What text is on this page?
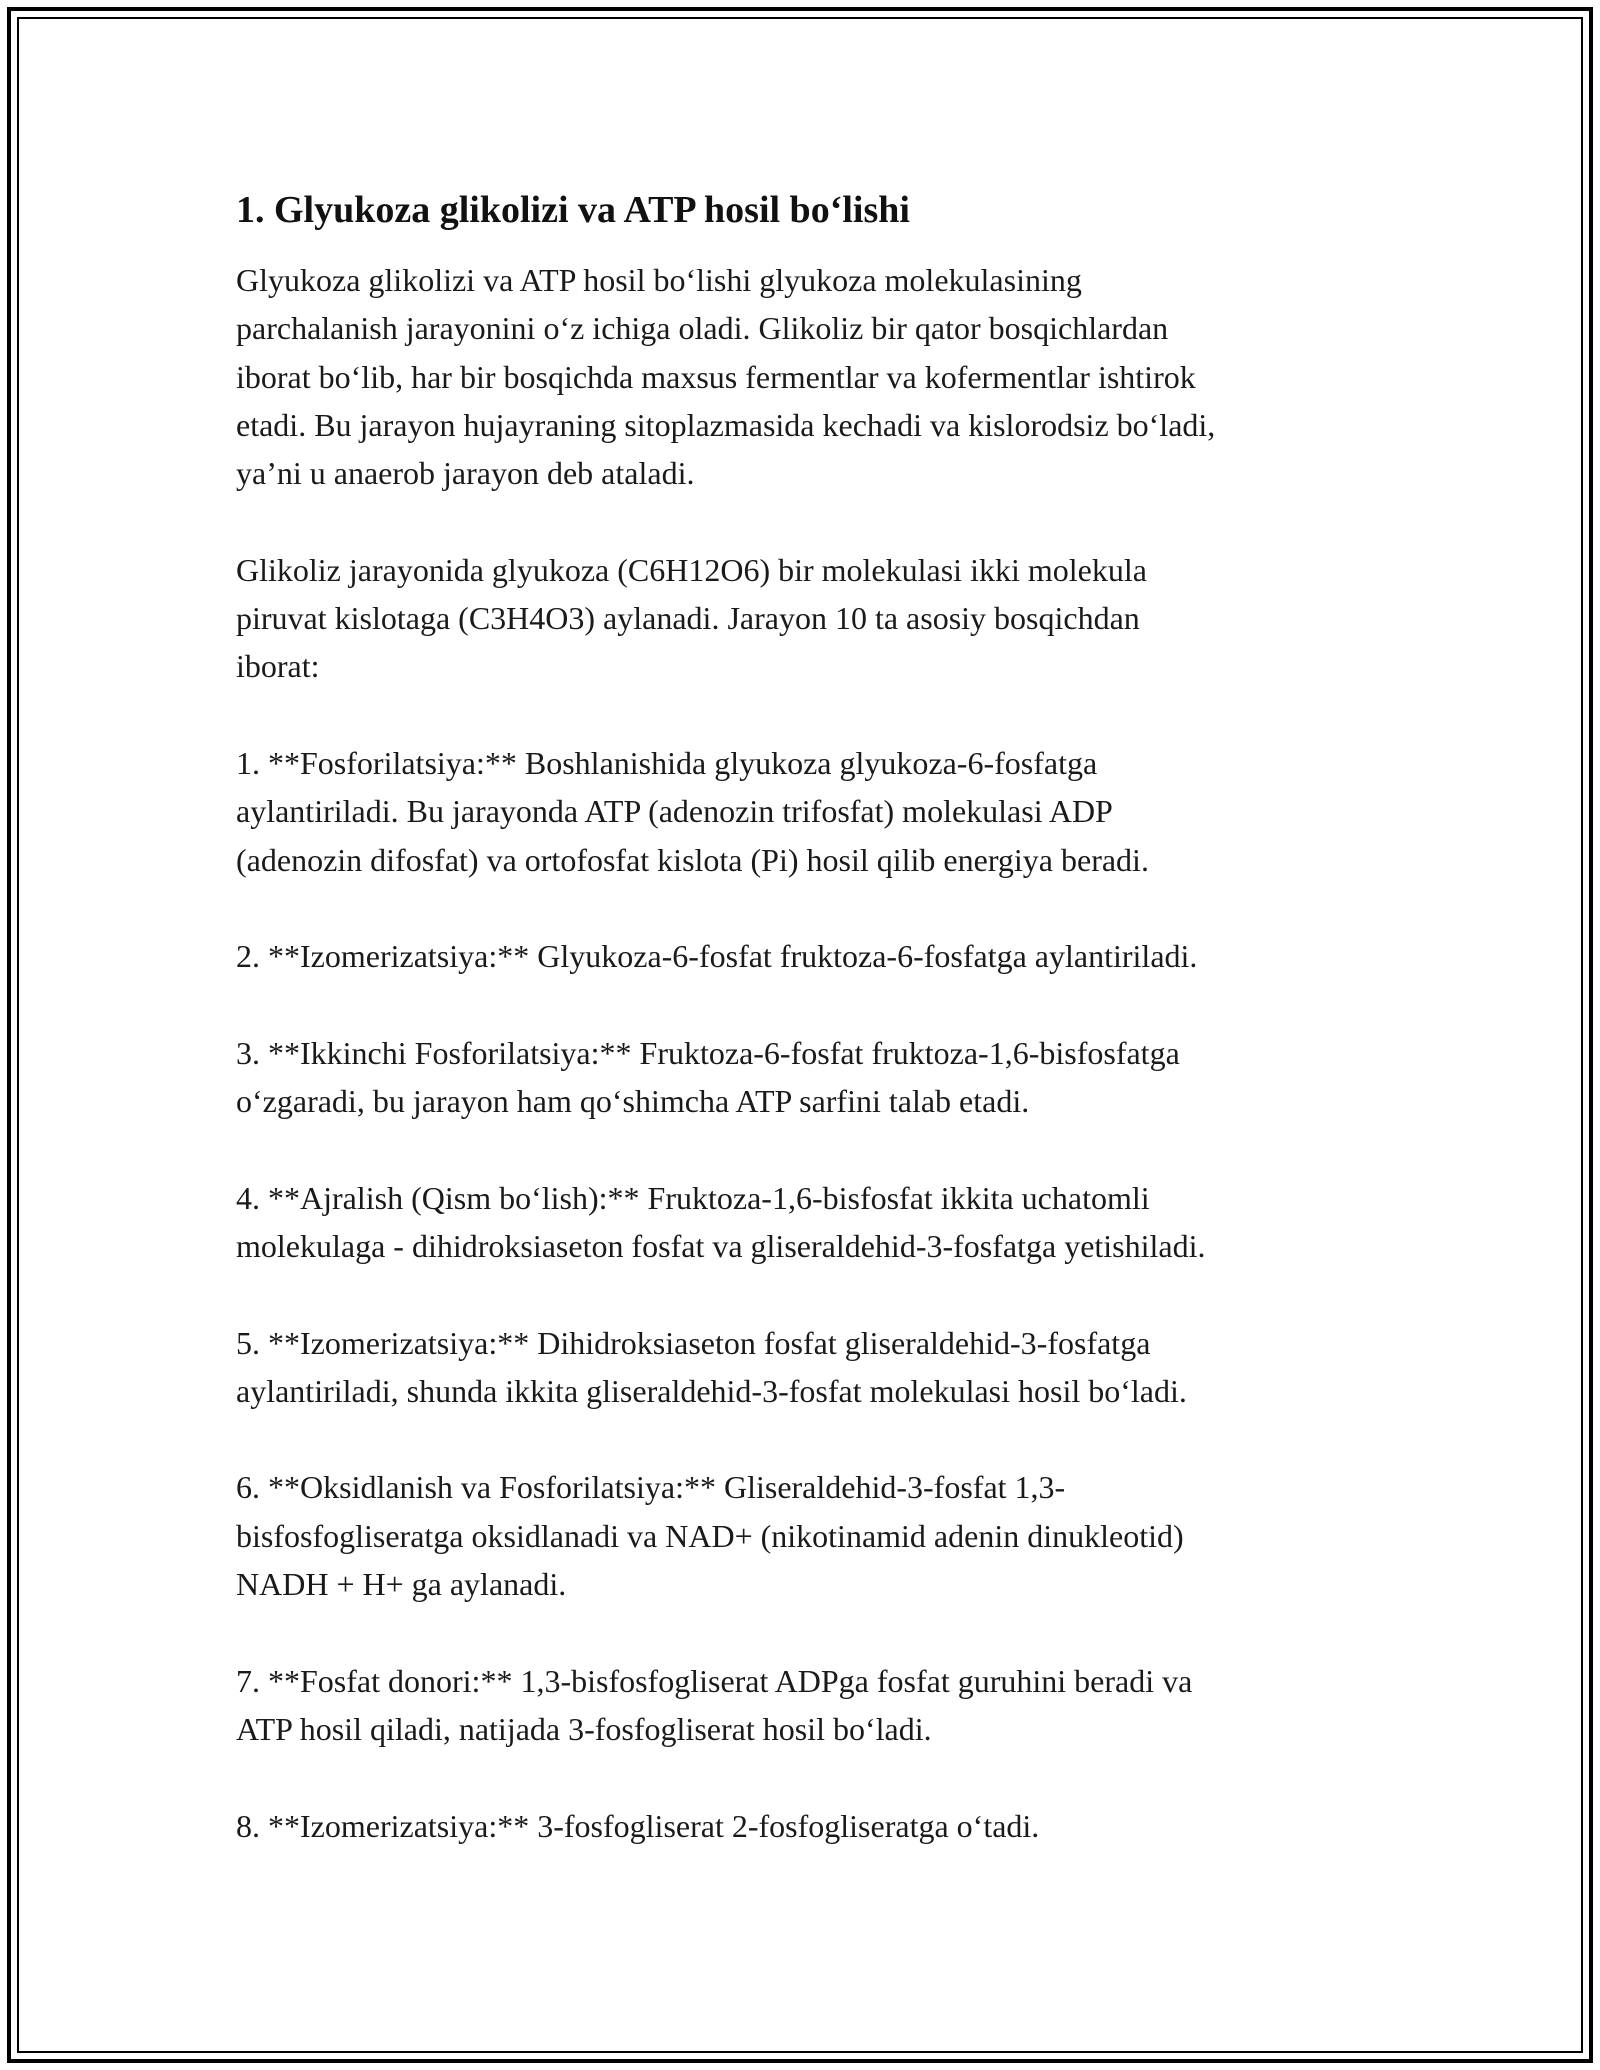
1. Glyukoza glikolizi va ATP hosil bo‘lishi

Glyukoza glikolizi va ATP hosil bo‘lishi glyukoza molekulasining
parchalanish jarayonini o‘z ichiga oladi. Glikoliz bir qator bosqichlardan
iborat bo‘lib, har bir bosqichda maxsus fermentlar va kofermentlar ishtirok
etadi. Bu jarayon hujayraning sitoplazmasida kechadi va kislorodsiz bo‘ladi,
ya’ni u anaerob jarayon deb ataladi.

Glikoliz jarayonida glyukoza (C6H12O6) bir molekulasi ikki molekula
piruvat kislotaga (C3H4O3) aylanadi. Jarayon 10 ta asosiy bosqichdan
iborat:

1. **Fosforilatsiya:** Boshlanishida glyukoza glyukoza-6-fosfatga
aylantiriladi. Bu jarayonda ATP (adenozin trifosfat) molekulasi ADP
(adenozin difosfat) va ortofosfat kislota (Pi) hosil qilib energiya beradi.

2. **Izomerizatsiya:** Glyukoza-6-fosfat fruktoza-6-fosfatga aylantiriladi.

3. **Ikkinchi Fosforilatsiya:** Fruktoza-6-fosfat fruktoza-1,6-bisfosfatga
o‘zgaradi, bu jarayon ham qo‘shimcha ATP sarfini talab etadi.

4. **Ajralish (Qism bo‘lish):** Fruktoza-1,6-bisfosfat ikkita uchatomli
molekulaga - dihidroksiaseton fosfat va gliseraldehid-3-fosfatga yetishiladi.

5. **Izomerizatsiya:** Dihidroksiaseton fosfat gliseraldehid-3-fosfatga
aylantiriladi, shunda ikkita gliseraldehid-3-fosfat molekulasi hosil bo‘ladi.

6. **Oksidlanish va Fosforilatsiya:** Gliseraldehid-3-fosfat 1,3-
bisfosfogliseratga oksidlanadi va NAD+ (nikotinamid adenin dinukleotid)
NADH + H+ ga aylanadi.

7. **Fosfat donori:** 1,3-bisfosfogliserat ADPga fosfat guruhini beradi va
ATP hosil qiladi, natijada 3-fosfogliserat hosil bo‘ladi.

8. **Izomerizatsiya:** 3-fosfogliserat 2-fosfogliseratga o‘tadi.
